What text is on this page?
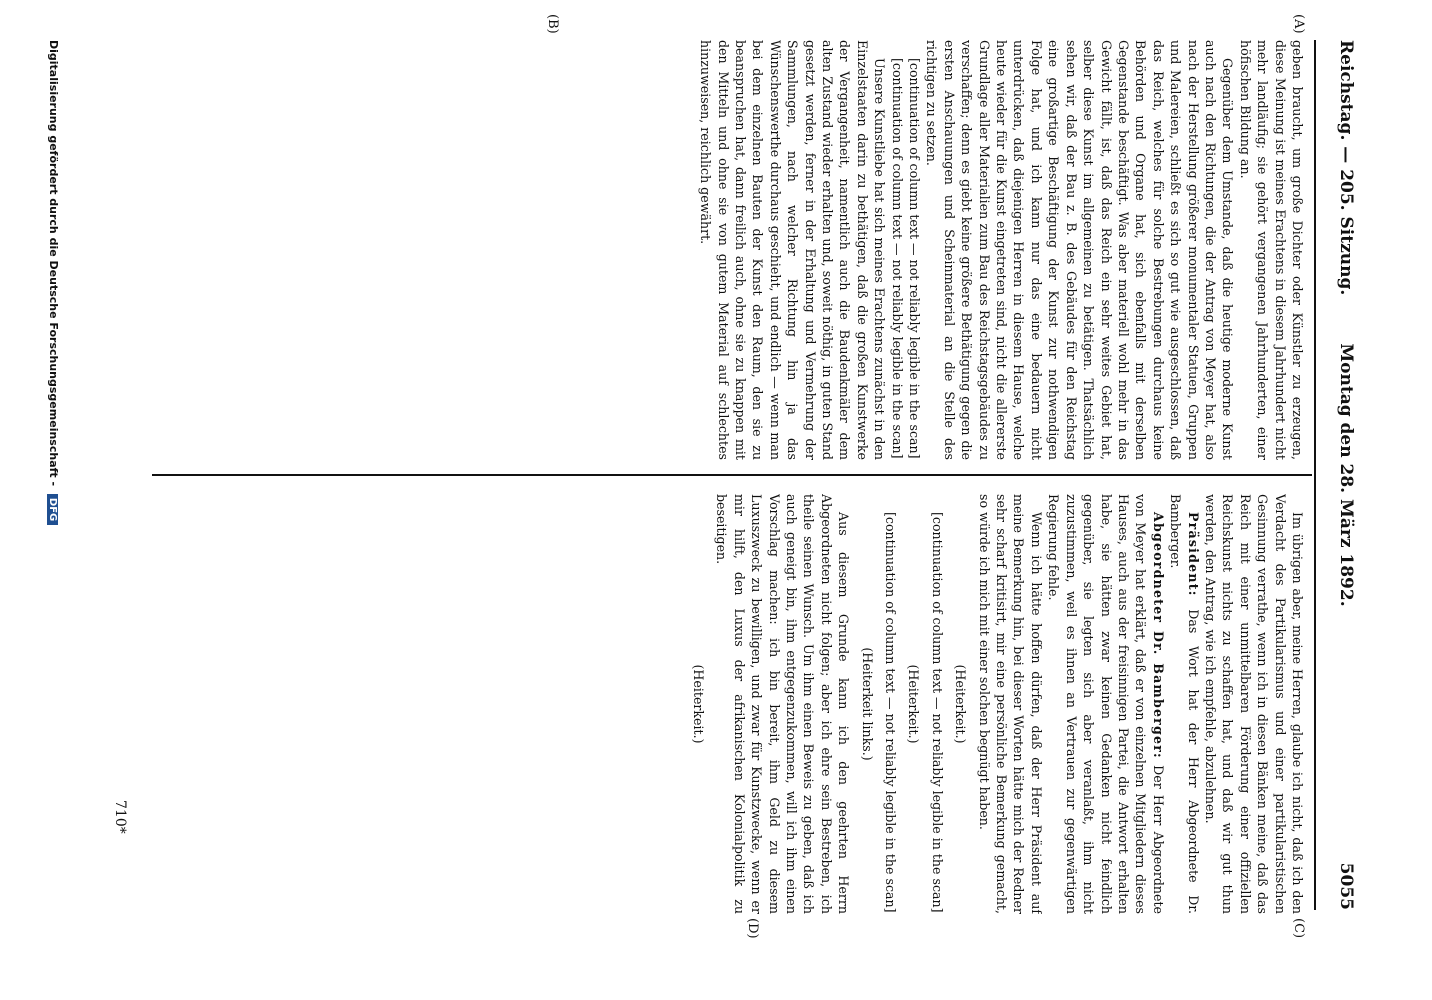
Reichstag. — 205. Sitzung.
Montag den 28. März 1892.
5055
(A)
(B)
(C)
(D)

geben braucht, um große Dichter oder Künstler zu erzeugen, diese Meinung ist meines Erachtens in diesem Jahrhundert nicht mehr landläufig; sie gehört vergangenen Jahrhunderten, einer höfischen Bildung an.

Gegenüber dem Umstande, daß die heutige moderne Kunst auch nach den Richtungen, die der Antrag von Meyer hat, also nach der Herstellung größerer monumentaler Statuen, Gruppen und Malereien, schließt es sich so gut wie ausgeschlossen, daß das Reich, welches für solche Bestrebungen durchaus keine Behörden und Organe hat, sich ebenfalls mit derselben Gegenstande beschäftigt. Was aber materiell wohl mehr in das Gewicht fällt, ist, daß das Reich ein sehr weites Gebiet hat, selber diese Kunst im allgemeinen zu betätigen. Thatsächlich sehen wir, daß der Bau z. B. des Gebäudes für den Reichstag eine großartige Beschäftigung der Kunst zur nothwendigen Folge hat, und ich kann nur das eine bedauern nicht unterdrücken, daß diejenigen Herren in diesem Hause, welche heute wieder für die Kunst eingetreten sind, nicht die allererste Grundlage aller Materialien zum Bau des Reichstagsgebäudes zu verschaffen; denn es giebt keine größere Bethätigung gegen die ersten Anschauungen und Scheinmaterial an die Stelle des richtigen zu setzen.

[continuation of column text — not reliably legible in the scan]

[continuation of column text — not reliably legible in the scan]

Unsere Kunstliebe hat sich meines Erachtens zunächst in den Einzelstaaten darin zu bethätigen, daß die großen Kunstwerke der Vergangenheit, namentlich auch die Baudenkmäler dem alten Zustand wieder erhalten und, soweit nöthig, in guten Stand gesetzt werden, ferner in der Erhaltung und Vermehrung der Sammlungen, nach welcher Richtung hin ja das Wünschenswerthe durchaus geschieht, und endlich — wenn man bei dem einzelnen Bauten der Kunst den Raum, den sie zu beanspruchen hat, dann freilich auch, ohne sie zu knappen mit den Mitteln und ohne sie von gutem Material auf schlechtes hinzuweisen, reichlich gewährt.

Im übrigen aber, meine Herren, glaube ich nicht, daß ich den Verdacht des Partikularismus und einer partikularistischen Gesinnung verrathe, wenn ich in diesen Bänken meine, daß das Reich mit einer unmittelbaren Förderung einer offiziellen Reichskunst nichts zu schaffen hat, und daß wir gut thun werden, den Antrag, wie ich empfehle, abzulehnen.

Präsident: Das Wort hat der Herr Abgeordnete Dr. Bamberger.

Abgeordneter Dr. Bamberger: Der Herr Abgeordnete von Meyer hat erklärt, daß er von einzelnen Mitgliedern dieses Hauses, auch aus der freisinnigen Partei, die Antwort erhalten habe, sie hätten zwar keinen Gedanken nicht feindlich gegenüber, sie legten sich aber veranlaßt, ihm nicht zuzustimmen, weil es ihnen an Vertrauen zur gegenwärtigen Regierung fehle.

Wenn ich hätte hoffen dürfen, daß der Herr Präsident auf meine Bemerkung hin, bei dieser Worten hätte mich der Redner sehr scharf kritisirt, mir eine persönliche Bemerkung gemacht, so würde ich mich mit einer solchen begnügt haben.

(Heiterkeit.)

[continuation of column text — not reliably legible in the scan]

(Heiterkeit.)

[continuation of column text — not reliably legible in the scan]

(Heiterkeit links.)

Aus diesem Grunde kann ich den geehrten Herrn Abgeordneten nicht folgen; aber ich ehre sein Bestreben, ich theile seinen Wunsch. Um ihm einen Beweis zu geben, daß ich auch geneigt bin, ihm entgegenzukommen, will ich ihm einen Vorschlag machen: ich bin bereit, ihm Geld zu diesem Luxuszweck zu bewilligen, und zwar für Kunstzwecke, wenn er mir hilft, den Luxus der afrikanischen Kolonialpolitik zu beseitigen.

(Heiterkeit.)

710*
Digitalisierung gefördert durch die Deutsche Forschungsgemeinschaft - DFG
